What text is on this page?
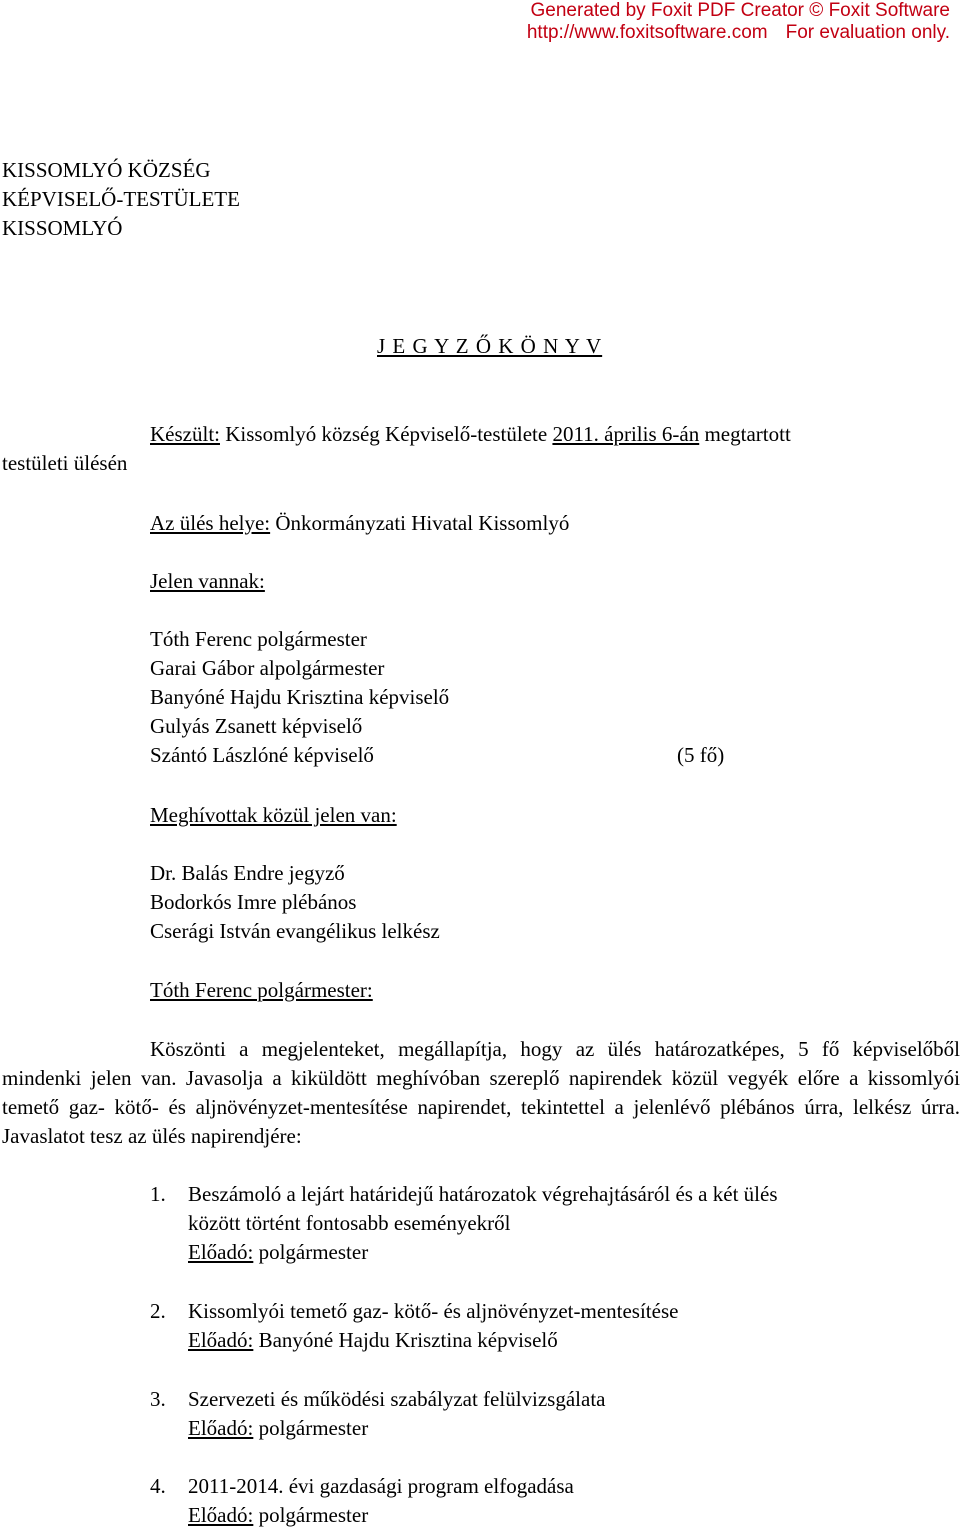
Generated by Foxit PDF Creator © Foxit Software
http://www.foxitsoftware.com For evaluation only.
KISSOMLYÓ KÖZSÉG
KÉPVISELŐ-TESTÜLETE
KISSOMLYÓ
J E G Y Z Ő K Ö N Y V
Készült: Kissomlyó község Képviselő-testülete 2011. április 6-án megtartott
testületi ülésén
Az ülés helye: Önkormányzati Hivatal Kissomlyó
Jelen vannak:
Tóth Ferenc polgármester
Garai Gábor alpolgármester
Banyóné Hajdu Krisztina képviselő
Gulyás Zsanett képviselő
Szántó Lászlóné képviselő	(5 fő)
Meghívottak közül jelen van:
Dr. Balás Endre jegyző
Bodorkós Imre plébános
Cserági István evangélikus lelkész
Tóth Ferenc polgármester:
Köszönti a megjelenteket, megállapítja, hogy az ülés határozatképes, 5 fő képviselőből mindenki jelen van. Javasolja a kiküldött meghívóban szereplő napirendek közül vegyék előre a kissomlyói temető gaz- kötő- és aljnövényzet-mentesítése napirendet, tekintettel a jelenlévő plébános úrra, lelkész úrra. Javaslatot tesz az ülés napirendjére:
1. Beszámoló a lejárt határidejű határozatok végrehajtásáról és a két ülés
között történt fontosabb eseményekről
Előadó: polgármester
2. Kissomlyói temető gaz- kötő- és aljnövényzet-mentesítése
Előadó: Banyóné Hajdu Krisztina képviselő
3. Szervezeti és működési szabályzat felülvizsgálata
Előadó: polgármester
4. 2011-2014. évi gazdasági program elfogadása
Előadó: polgármester
